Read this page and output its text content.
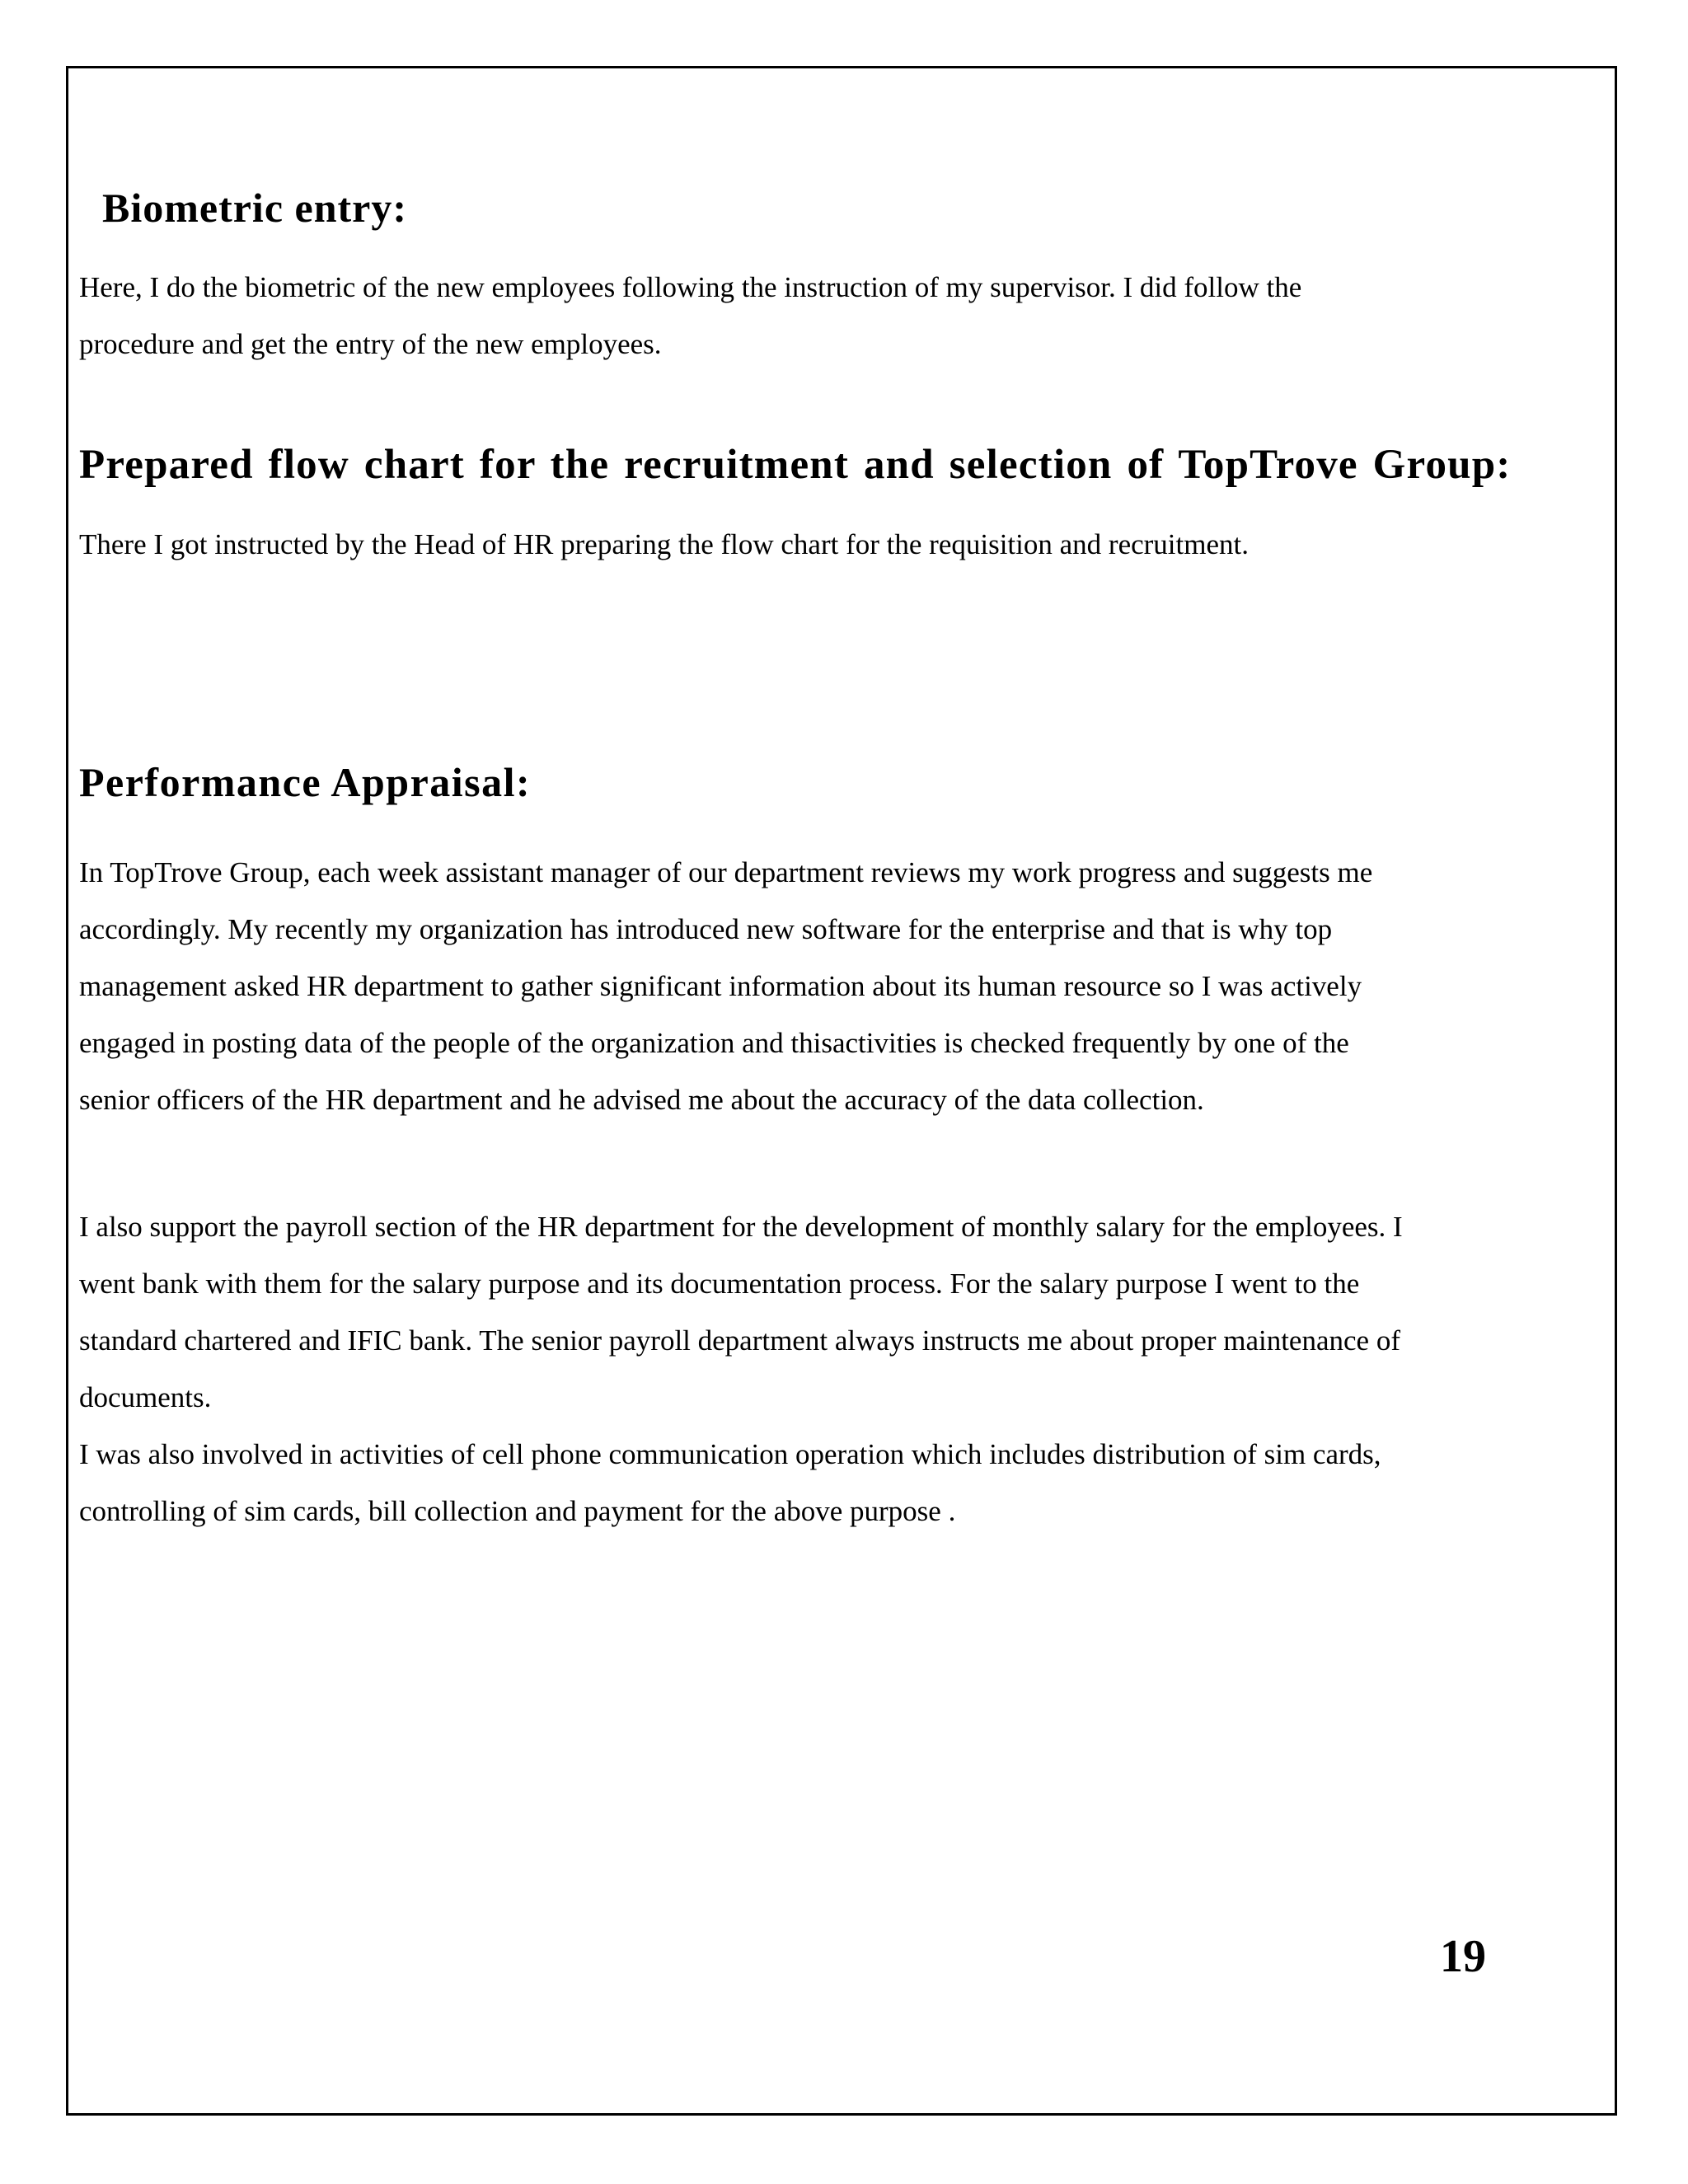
Biometric entry:
Here, I do the biometric of the new employees following the instruction of my supervisor. I did follow the
procedure and get the entry of the new employees.
Prepared flow chart for the recruitment and selection of TopTrove Group:
There I got instructed by the Head of HR preparing the flow chart for the requisition and recruitment.
Performance Appraisal:
In TopTrove Group, each week assistant manager of our department reviews my work progress and suggests me
accordingly. My recently my organization has introduced new software for the enterprise and that is why top
management asked HR department to gather significant information about its human resource so I was actively
engaged in posting data of the people of the organization and thisactivities is checked frequently by one of the
senior officers of the HR department and he advised me about the accuracy of the data collection.
I also support the payroll section of the HR department for the development of monthly salary for the employees. I
went bank with them for the salary purpose and its documentation process. For the salary purpose I went to the
standard chartered and IFIC bank. The senior payroll department always instructs me about proper maintenance of
documents.
I was also involved in activities of cell phone communication operation which includes distribution of sim cards,
controlling of sim cards, bill collection and payment for the above purpose .
19
